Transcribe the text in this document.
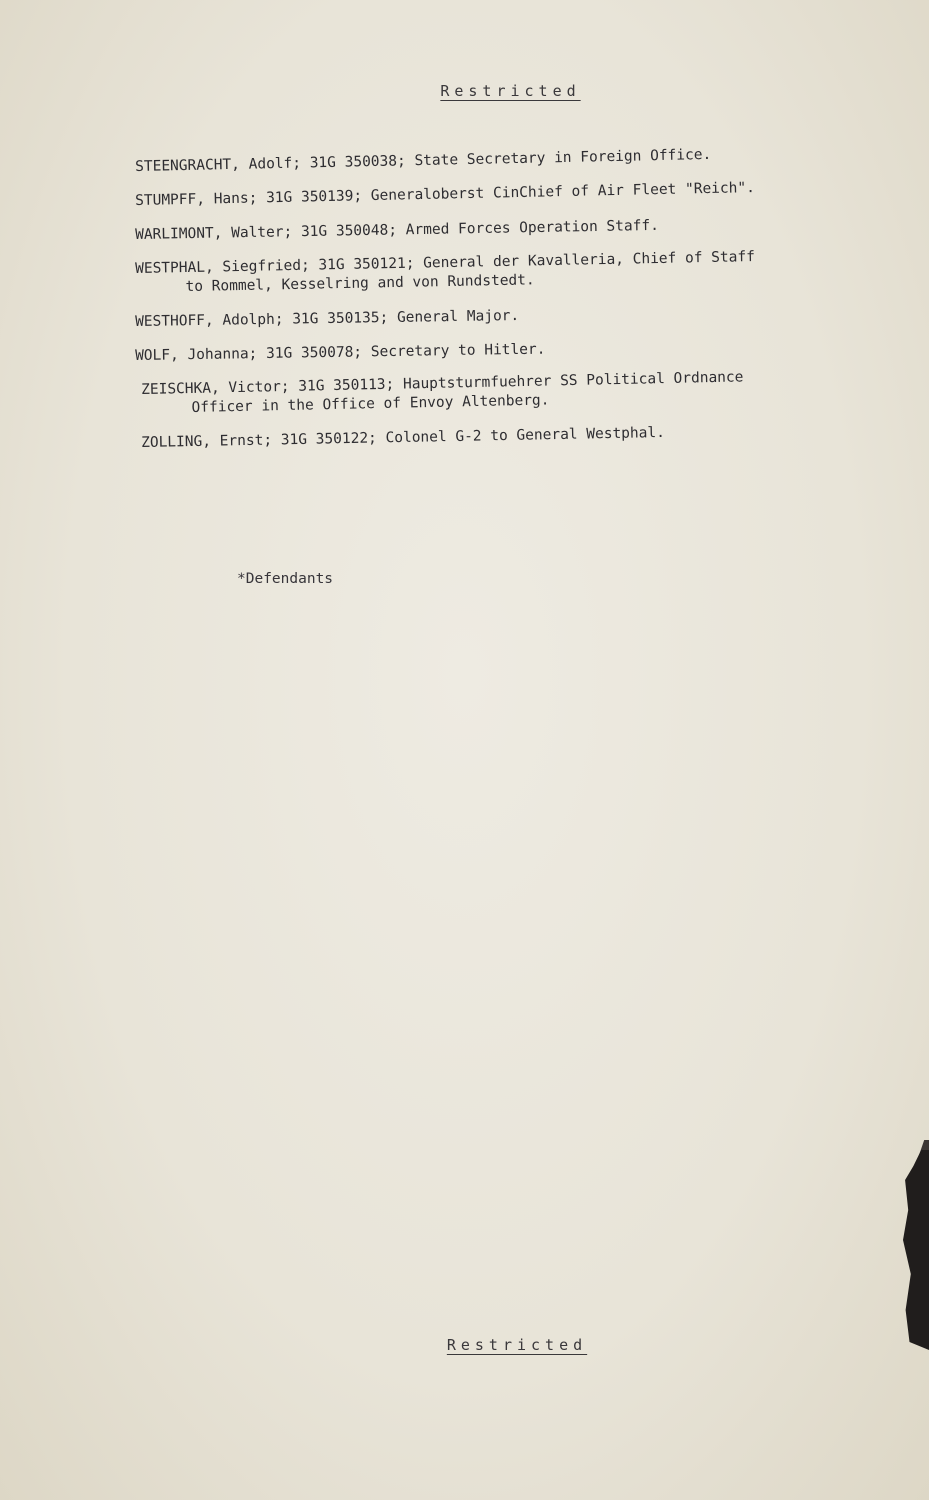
Restricted
STEENGRACHT, Adolf; 31G 350038; State Secretary in Foreign Office.
STUMPFF, Hans; 31G 350139; Generaloberst CinChief of Air Fleet "Reich".
WARLIMONT, Walter; 31G 350048; Armed Forces Operation Staff.
WESTPHAL, Siegfried; 31G 350121; General der Kavalleria, Chief of Staff
to Rommel, Kesselring and von Rundstedt.
WESTHOFF, Adolph; 31G 350135; General Major.
WOLF, Johanna; 31G 350078; Secretary to Hitler.
ZEISCHKA, Victor; 31G 350113; Hauptsturmfuehrer SS Political Ordnance
Officer in the Office of Envoy Altenberg.
ZOLLING, Ernst; 31G 350122; Colonel G-2 to General Westphal.
*Defendants
Restricted
